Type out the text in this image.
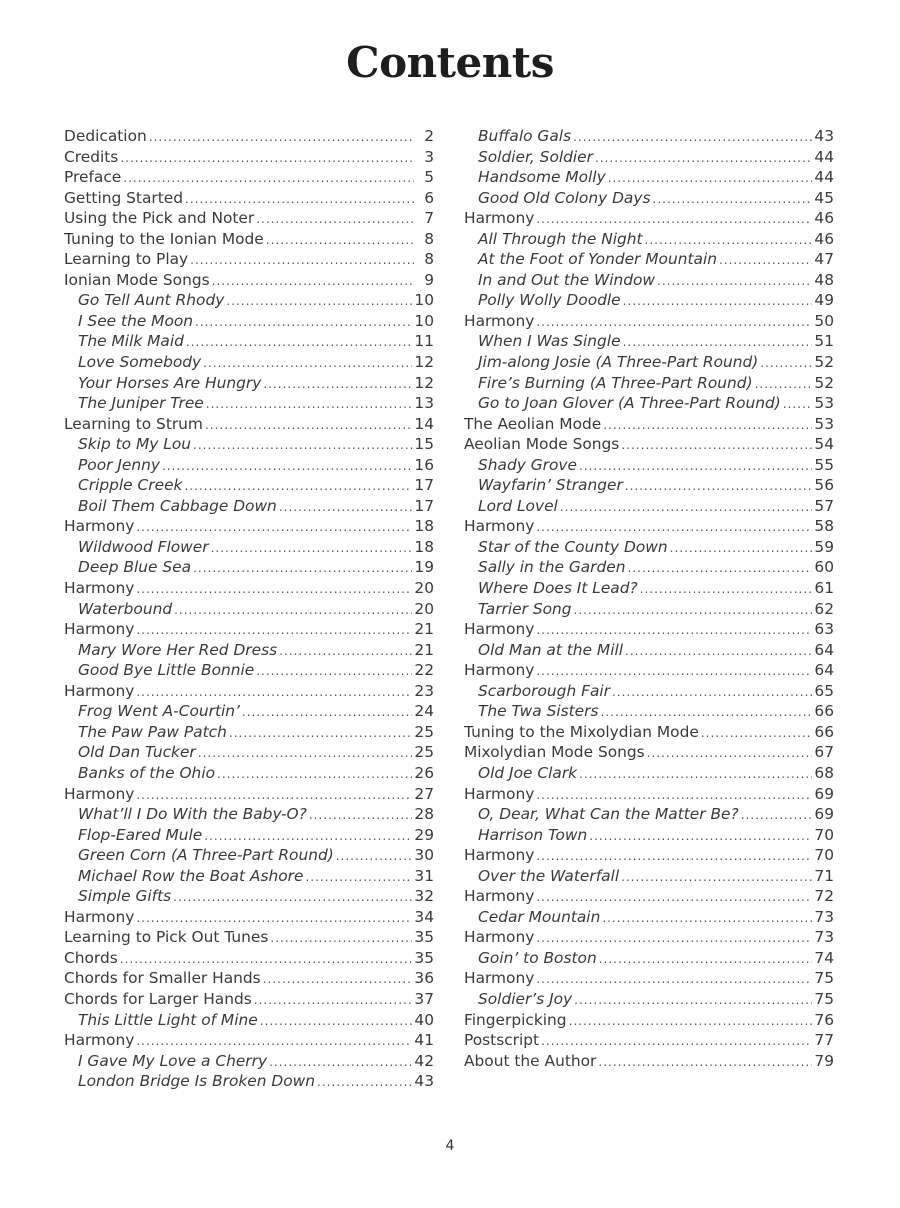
Contents
Dedication .....	2
Credits .....	3
Preface .....	5
Getting Started .....	6
Using the Pick and Noter .....	7
Tuning to the Ionian Mode .....	8
Learning to Play .....	8
Ionian Mode Songs .....	9
Go Tell Aunt Rhody .....	10
I See the Moon .....	10
The Milk Maid .....	11
Love Somebody .....	12
Your Horses Are Hungry .....	12
The Juniper Tree .....	13
Learning to Strum .....	14
Skip to My Lou .....	15
Poor Jenny .....	16
Cripple Creek .....	17
Boil Them Cabbage Down .....	17
Harmony .....	18
Wildwood Flower .....	18
Deep Blue Sea .....	19
Harmony .....	20
Waterbound .....	20
Harmony .....	21
Mary Wore Her Red Dress .....	21
Good Bye Little Bonnie .....	22
Harmony .....	23
Frog Went A-Courtin’ .....	24
The Paw Paw Patch .....	25
Old Dan Tucker .....	25
Banks of the Ohio .....	26
Harmony .....	27
What’ll I Do With the Baby-O? .....	28
Flop-Eared Mule .....	29
Green Corn (A Three-Part Round) .....	30
Michael Row the Boat Ashore .....	31
Simple Gifts .....	32
Harmony .....	34
Learning to Pick Out Tunes .....	35
Chords .....	35
Chords for Smaller Hands .....	36
Chords for Larger Hands .....	37
This Little Light of Mine .....	40
Harmony .....	41
I Gave My Love a Cherry .....	42
London Bridge Is Broken Down .....	43
Buffalo Gals .....	43
Soldier, Soldier .....	44
Handsome Molly .....	44
Good Old Colony Days .....	45
Harmony .....	46
All Through the Night .....	46
At the Foot of Yonder Mountain .....	47
In and Out the Window .....	48
Polly Wolly Doodle .....	49
Harmony .....	50
When I Was Single .....	51
Jim-along Josie (A Three-Part Round) .....	52
Fire’s Burning (A Three-Part Round) .....	52
Go to Joan Glover (A Three-Part Round) ..... 53
The Aeolian Mode .....	53
Aeolian Mode Songs .....	54
Shady Grove .....	55
Wayfarin’ Stranger .....	56
Lord Lovel .....	57
Harmony .....	58
Star of the County Down .....	59
Sally in the Garden .....	60
Where Does It Lead? .....	61
Tarrier Song .....	62
Harmony .....	63
Old Man at the Mill .....	64
Harmony .....	64
Scarborough Fair .....	65
The Twa Sisters .....	66
Tuning to the Mixolydian Mode .....	66
Mixolydian Mode Songs .....	67
Old Joe Clark .....	68
Harmony .....	69
O, Dear, What Can the Matter Be? .....	69
Harrison Town .....	70
Harmony .....	70
Over the Waterfall .....	71
Harmony .....	72
Cedar Mountain .....	73
Harmony .....	73
Goin’ to Boston .....	74
Harmony .....	75
Soldier’s Joy .....	75
Fingerpicking .....	76
Postscript .....	77
About the Author .....	79
4
